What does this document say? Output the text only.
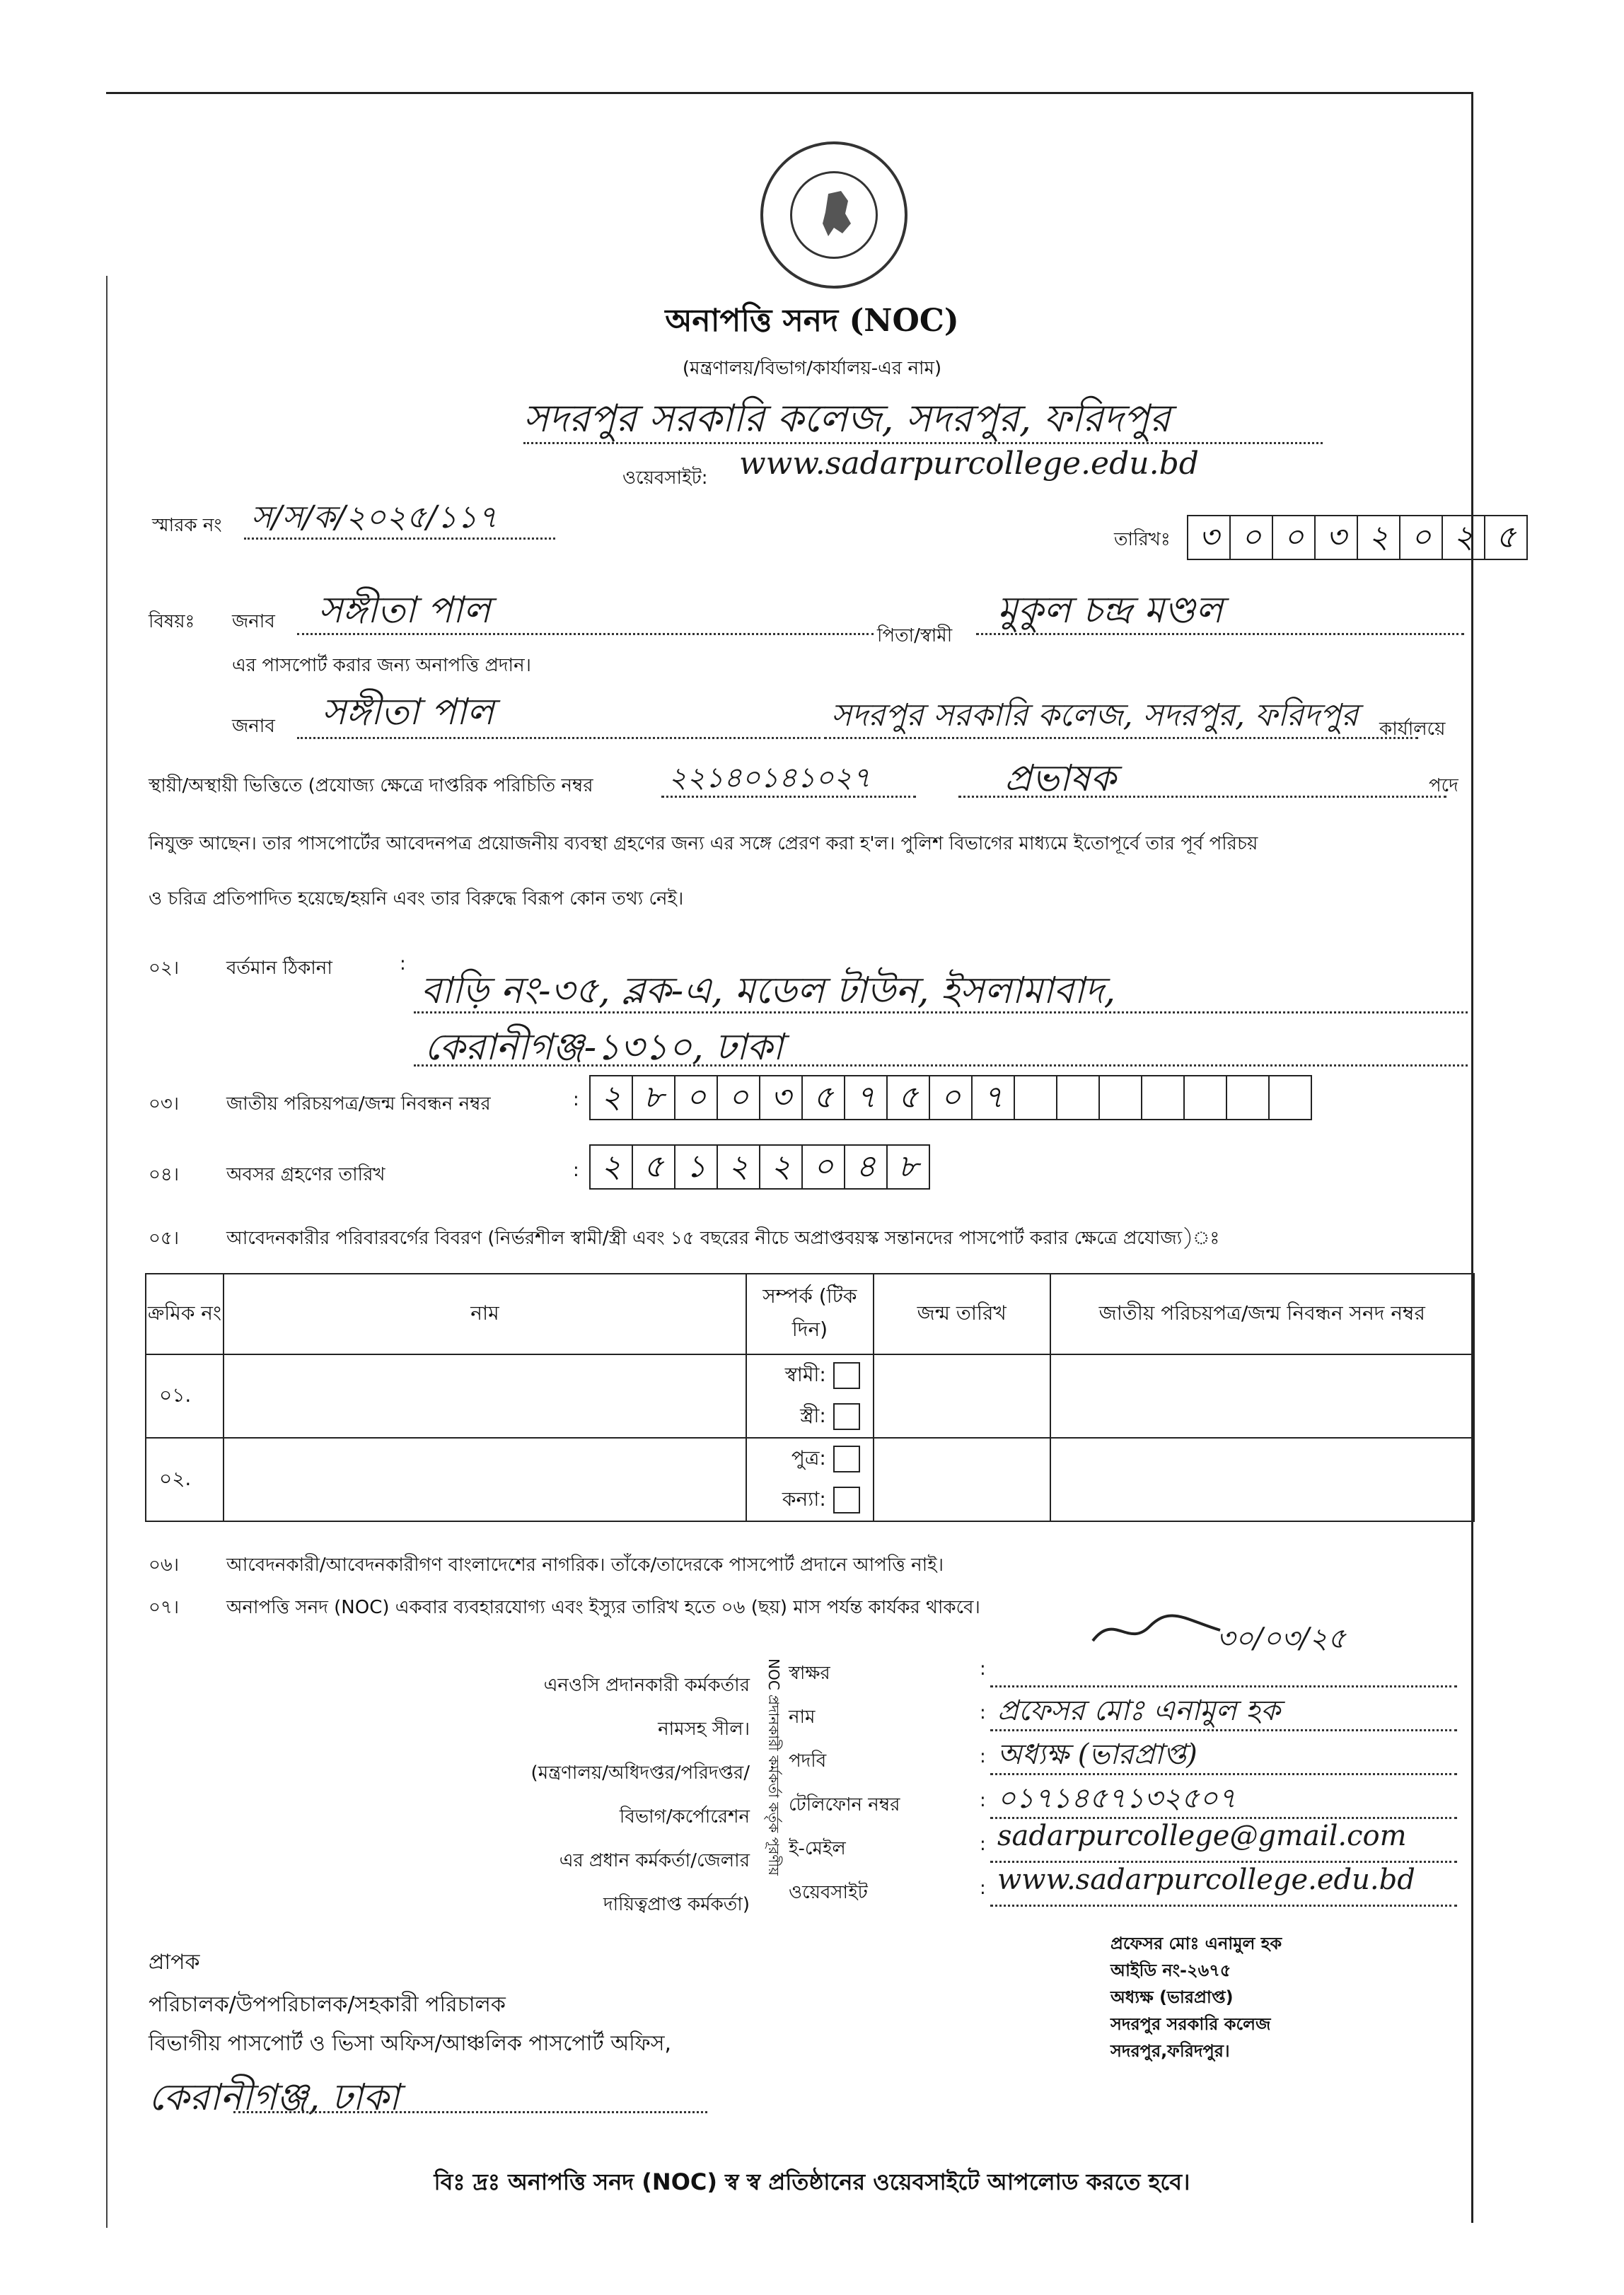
অনাপত্তি সনদ (NOC)
(মন্ত্রণালয়/বিভাগ/কার্যালয়-এর নাম)
সদরপুর সরকারি কলেজ, সদরপুর, ফরিদপুর
ওয়েবসাইট: www.sadarpurcollege.edu.bd
স্মারক নং স/স/ক/২০২৫/১১৭
তারিখঃ ৩ ০ ০ ৩ ২ ০ ২ ৫
বিষয়ঃ জনাব সঙ্গীতা পাল
পিতা/স্বামী
মুকুল চন্দ্র মণ্ডল
এর পাসপোর্ট করার জন্য অনাপত্তি প্রদান।
জনাব সঙ্গীতা পাল	সদরপুর সরকারি কলেজ, সদরপুর, ফরিদপুর কার্যালয়ে
স্থায়ী/অস্থায়ী ভিত্তিতে (প্রযোজ্য ক্ষেত্রে দাপ্তরিক পরিচিতি নম্বর	২২১৪০১৪১০২৭	প্রভাষক	পদে
নিযুক্ত আছেন। তার পাসপোর্টের আবেদনপত্র প্রয়োজনীয় ব্যবস্থা গ্রহণের জন্য এর সঙ্গে প্রেরণ করা হ'ল। পুলিশ বিভাগের মাধ্যমে ইতোপূর্বে তার পূর্ব পরিচয়
ও চরিত্র প্রতিপাদিত হয়েছে/হয়নি এবং তার বিরুদ্ধে বিরূপ কোন তথ্য নেই।
০২।	বর্তমান ঠিকানা	:
বাড়ি নং-৩৫, ব্লক-এ, মডেল টাউন, ইসলামাবাদ,
কেরানীগঞ্জ-১৩১০, ঢাকা
০৩।	জাতীয় পরিচয়পত্র/জন্ম নিবন্ধন নম্বর	: ২ ৮ ০ ০ ৩ ৫ ৭ ৫ ০ ৭
০৪।	অবসর গ্রহণের তারিখ	: ২ ৫ ১ ২ ২ ০ ৪ ৮
০৫।	আবেদনকারীর পরিবারবর্গের বিবরণ (নির্ভরশীল স্বামী/স্ত্রী এবং ১৫ বছরের নীচে অপ্রাপ্তবয়স্ক সন্তানদের পাসপোর্ট করার ক্ষেত্রে প্রযোজ্য)ঃ
ক্রমিক নং	নাম	সম্পর্ক (টিক দিন)	জন্ম তারিখ	জাতীয় পরিচয়পত্র/জন্ম নিবন্ধন সনদ নম্বর
০১.		স্বামী:		
		স্ত্রী:		
০২.		পুত্র:		
		কন্যা:		
০৬।	আবেদনকারী/আবেদনকারীগণ বাংলাদেশের নাগরিক। তাঁকে/তাদেরকে পাসপোর্ট প্রদানে আপত্তি নাই।
০৭।	অনাপত্তি সনদ (NOC) একবার ব্যবহারযোগ্য এবং ইস্যুর তারিখ হতে ০৬ (ছয়) মাস পর্যন্ত কার্যকর থাকবে।
এনওসি প্রদানকারী কর্মকর্তার
নামসহ সীল।
(মন্ত্রণালয়/অধিদপ্তর/পরিদপ্তর/
বিভাগ/কর্পোরেশন
এর প্রধান কর্মকর্তা/জেলার
দায়িত্বপ্রাপ্ত কর্মকর্তা)
NOC প্রদানকারী কর্মকর্তা কর্তৃক পূরণীয় স্বাক্ষর	:
নাম	: প্রফেসর মোঃ এনামুল হক
পদবি	: অধ্যক্ষ (ভারপ্রাপ্ত)
টেলিফোন নম্বর	: ০১৭১৪৫৭১৩২৫০৭
ই-মেইল	: sadarpurcollege@gmail.com
ওয়েবসাইট	: www.sadarpurcollege.edu.bd
৩০/০৩/২৫
প্রফেসর মোঃ এনামুল হক
আইডি নং-২৬৭৫
অধ্যক্ষ (ভারপ্রাপ্ত)
সদরপুর সরকারি কলেজ
সদরপুর,ফরিদপুর।
প্রাপক
পরিচালক/উপপরিচালক/সহকারী পরিচালক
বিভাগীয় পাসপোর্ট ও ভিসা অফিস/আঞ্চলিক পাসপোর্ট অফিস,
কেরানীগঞ্জ, ঢাকা
বিঃ দ্রঃ অনাপত্তি সনদ (NOC) স্ব স্ব প্রতিষ্ঠানের ওয়েবসাইটে আপলোড করতে হবে।
